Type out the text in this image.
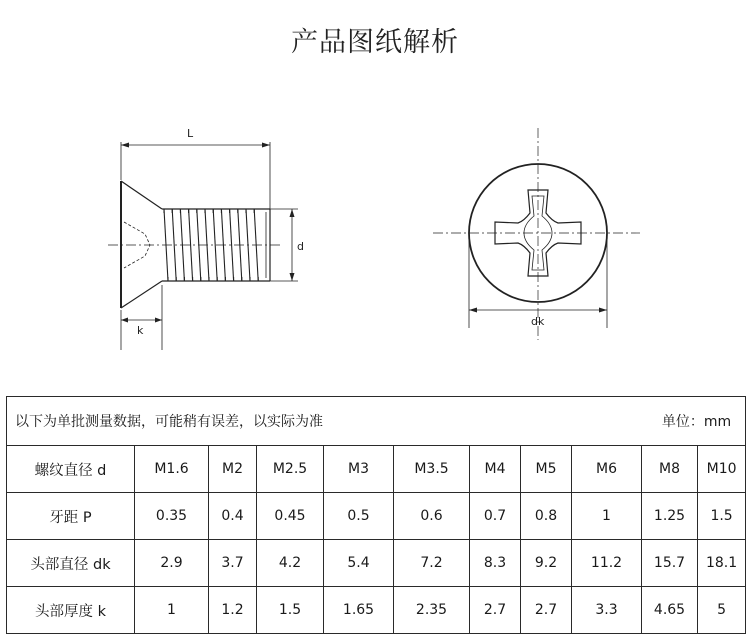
产品图纸解析
L
d
k
dk
以下为单批测量数据，可能稍有误差，以实际为准 单位：mm										

螺纹直径 d	M1.6	M2	M2.5	M3	M3.5	M4	M5	M6	M8	M10
牙距 P	0.35	0.4	0.45	0.5	0.6	0.7	0.8	1	1.25	1.5
头部直径 dk	2.9	3.7	4.2	5.4	7.2	8.3	9.2	11.2	15.7	18.1
头部厚度 k	1	1.2	1.5	1.65	2.35	2.7	2.7	3.3	4.65	5
